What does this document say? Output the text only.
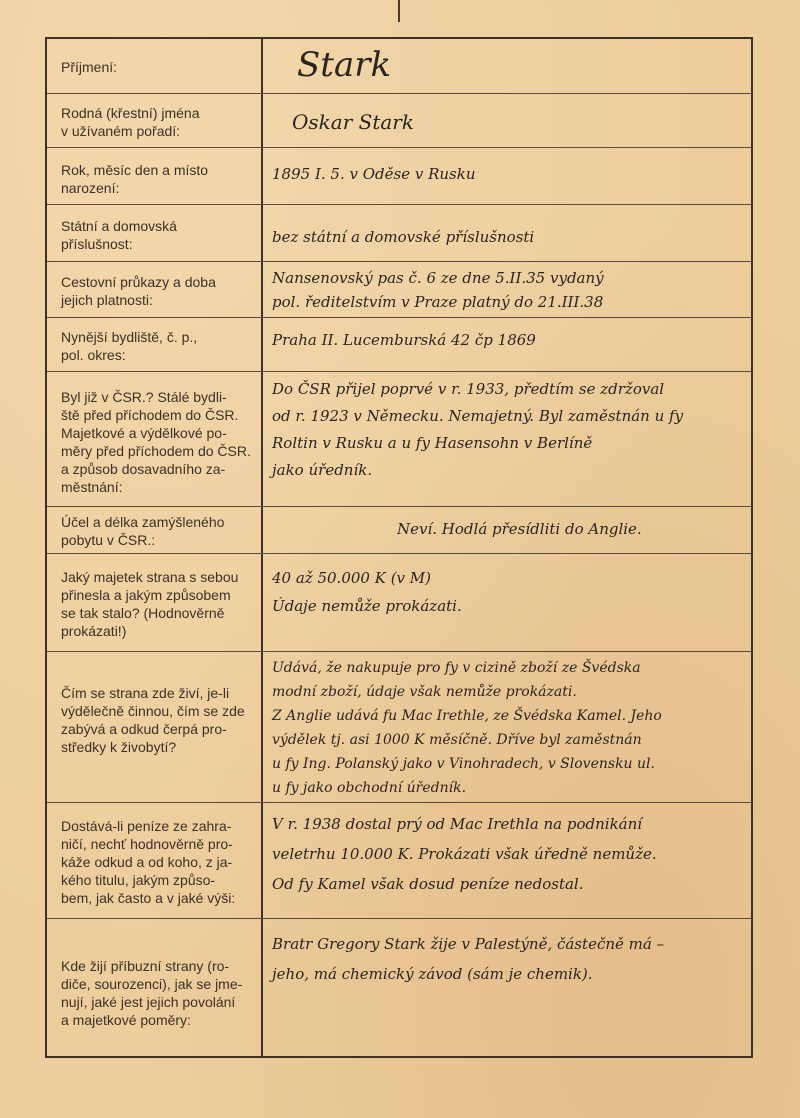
Příjmení:	Stark
Rodná (křestní) jména
v užívaném pořadí:	Oskar Stark
Rok, měsíc den a místo
narození:
1895 I. 5. v Oděse v Rusku
Státní a domovská
příslušnost:	bez státní a domovské příslušnosti
Cestovní průkazy a doba
jejich platnosti:
Nansenovský pas č. 6 ze dne 5.II.35 vydaný
pol. ředitelstvím v Praze platný do 21.III.38
Nynější bydliště, č. p.,
pol. okres:
Praha II. Lucemburská 42 čp 1869
Byl již v ČSR.? Stálé bydli-
ště před příchodem do ČSR.
Majetkové a výdělkové po-
měry před příchodem do ČSR.
a způsob dosavadního za-
městnání:
Do ČSR přijel poprvé v r. 1933, předtím se zdržoval
od r. 1923 v Německu. Nemajetný. Byl zaměstnán u fy
Roltin v Rusku a u fy Hasensohn v Berlíně
jako úředník.
Účel a délka zamýšleného
pobytu v ČSR.:
Neví. Hodlá přesídliti do Anglie.
Jaký majetek strana s sebou
přinesla a jakým způsobem
se tak stalo? (Hodnověrně
prokázati!)
40 až 50.000 K (v M)
Údaje nemůže prokázati.
Čím se strana zde živí, je-li
výdělečně činnou, čím se zde
zabývá a odkud čerpá pro-
středky k živobytí?
Udává, že nakupuje pro fy v cizině zboží ze Švédska
modní zboží, údaje však nemůže prokázati.
Z Anglie udává fu Mac Irethle, ze Švédska Kamel. Jeho
výdělek tj. asi 1000 K měsíčně. Dříve byl zaměstnán
u fy Ing. Polanský jako v Vinohradech, v Slovensku ul.
u fy jako obchodní úředník.
Dostává-li peníze ze zahra-
ničí, nechť hodnověrně pro-
káže odkud a od koho, z ja-
kého titulu, jakým způso-
bem, jak často a v jaké výši:
V r. 1938 dostal prý od Mac Irethla na podnikání
veletrhu 10.000 K. Prokázati však úředně nemůže.
Od fy Kamel však dosud peníze nedostal.
Kde žijí příbuzní strany (ro-
diče, sourozenci), jak se jme-
nují, jaké jest jejich povolání
a majetkové poměry:
Bratr Gregory Stark žije v Palestýně, částečně má –
jeho, má chemický závod (sám je chemik).
